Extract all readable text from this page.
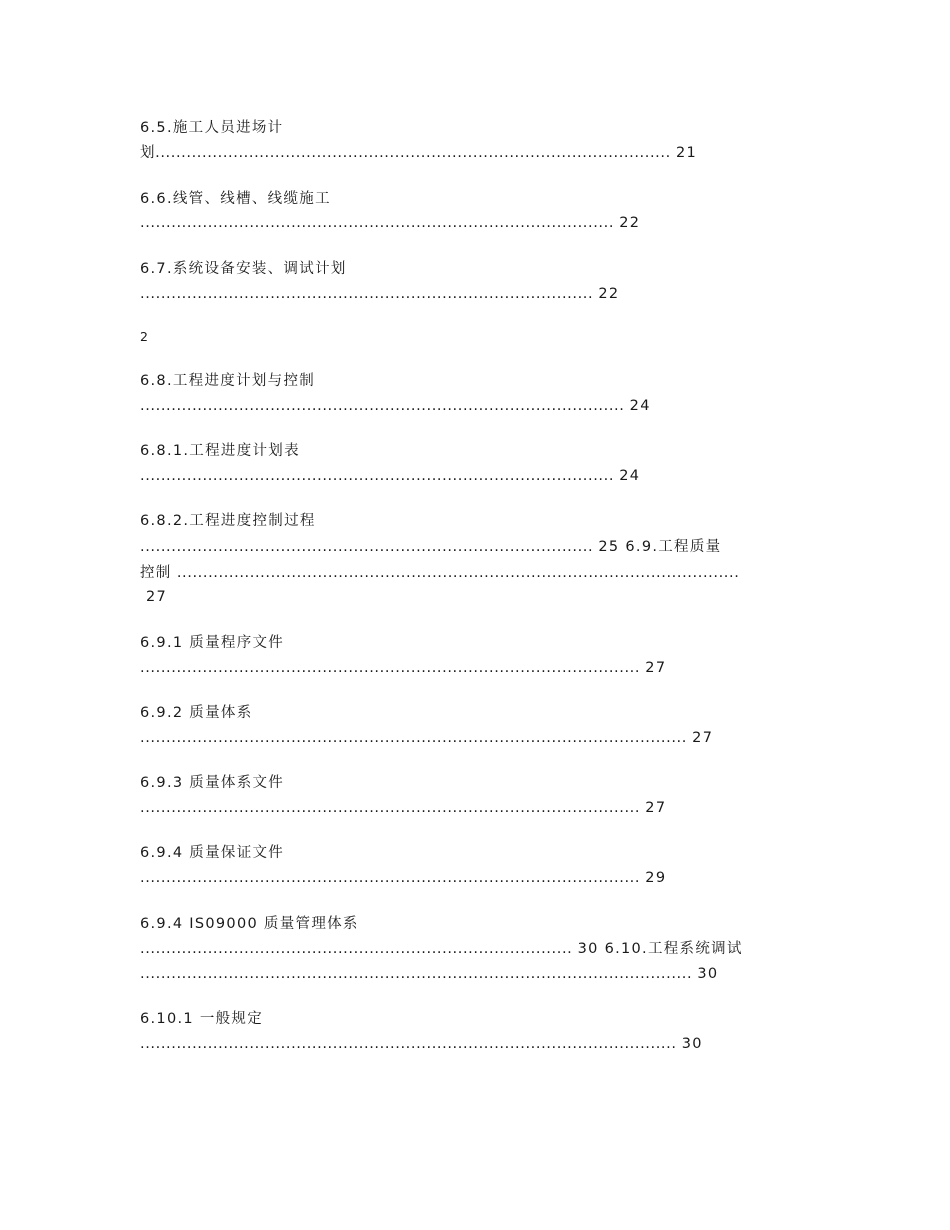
6.5.施工人员进场计
划................................................................................................... 21
6.6.线管、线槽、线缆施工
........................................................................................... 22
6.7.系统设备安装、调试计划
....................................................................................... 22
2
6.8.工程进度计划与控制
............................................................................................. 24
6.8.1.工程进度计划表
........................................................................................... 24
6.8.2.工程进度控制过程
....................................................................................... 25 6.9.工程质量
控制 ............................................................................................................
27
6.9.1 质量程序文件
................................................................................................ 27
6.9.2 质量体系
......................................................................................................... 27
6.9.3 质量体系文件
................................................................................................ 27
6.9.4 质量保证文件
................................................................................................ 29
6.9.4 IS09000 质量管理体系
................................................................................... 30 6.10.工程系统调试
.......................................................................................................... 30
6.10.1 一般规定
....................................................................................................... 30
